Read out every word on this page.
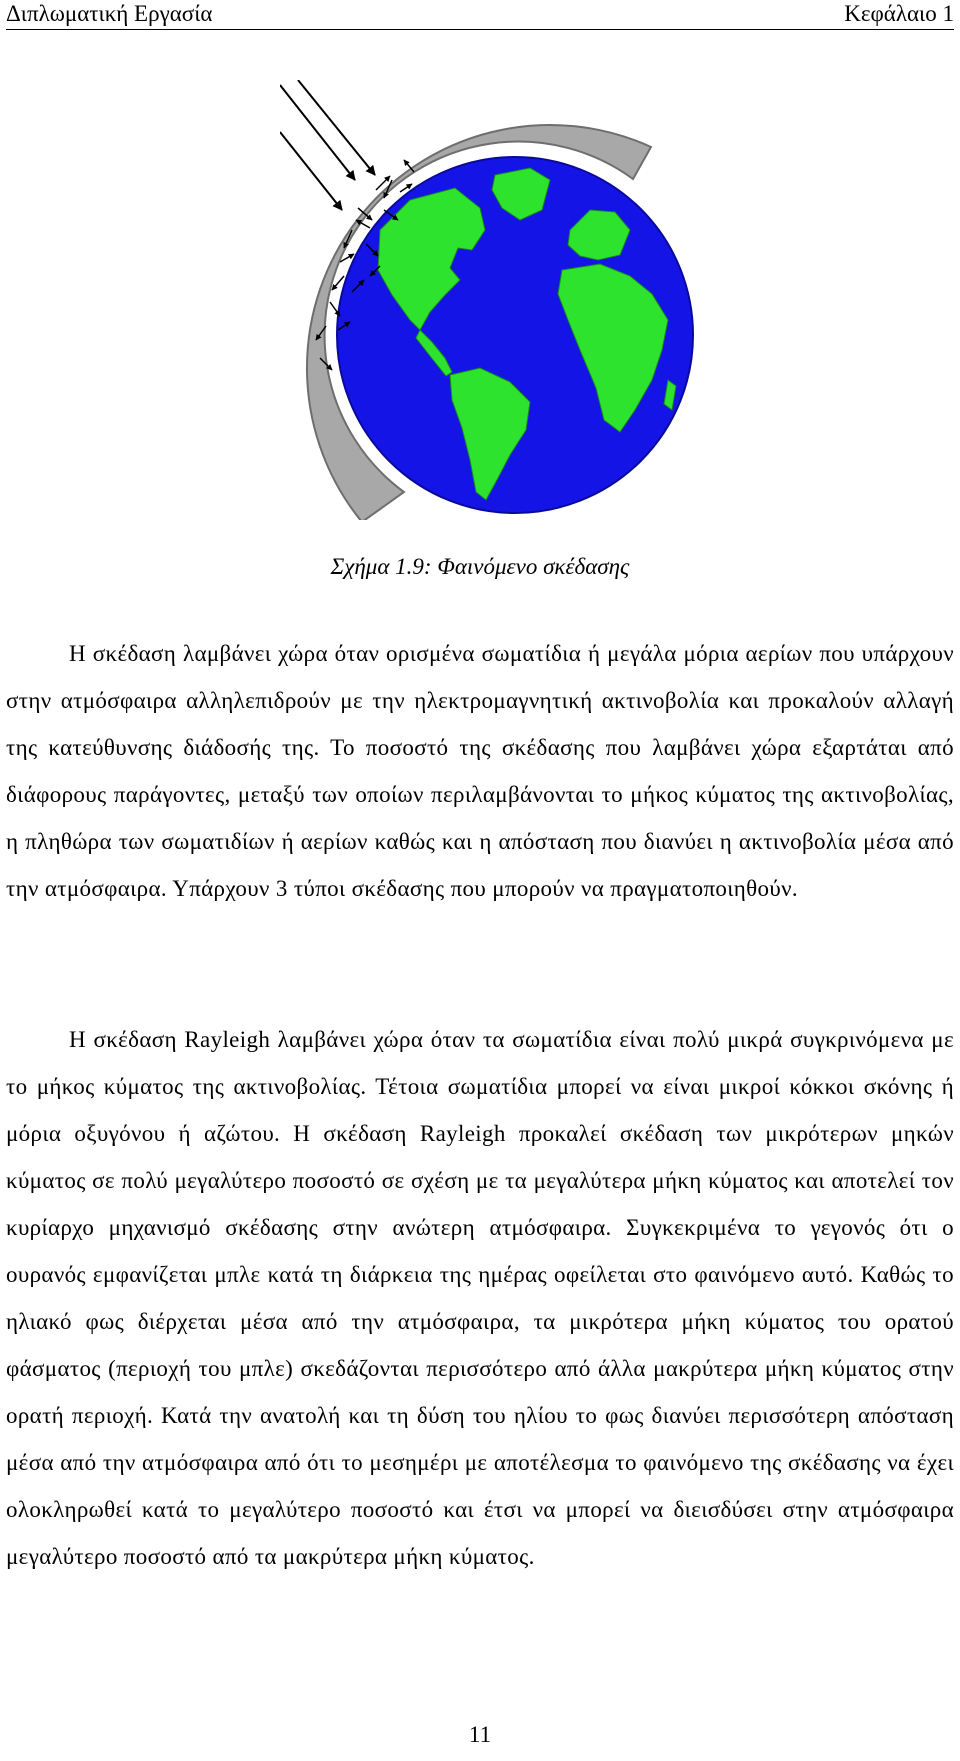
Διπλωματική Εργασία	Κεφάλαιο 1
Σχήμα 1.9: Φαινόμενο σκέδασης

Η σκέδαση λαμβάνει χώρα όταν ορισμένα σωματίδια ή μεγάλα μόρια αερίων που υπάρχουν στην ατμόσφαιρα αλληλεπιδρούν με την ηλεκτρομαγνητική ακτινοβολία και προκαλούν αλλαγή της κατεύθυνσης διάδοσής της. Το ποσοστό της σκέδασης που λαμβάνει χώρα εξαρτάται από διάφορους παράγοντες, μεταξύ των οποίων περιλαμβάνονται το μήκος κύματος της ακτινοβολίας, η πληθώρα των σωματιδίων ή αερίων καθώς και η απόσταση που διανύει η ακτινοβολία μέσα από την ατμόσφαιρα. Υπάρχουν 3 τύποι σκέδασης που μπορούν να πραγματοποιηθούν.

Η σκέδαση Rayleigh λαμβάνει χώρα όταν τα σωματίδια είναι πολύ μικρά συγκρινόμενα με το μήκος κύματος της ακτινοβολίας. Τέτοια σωματίδια μπορεί να είναι μικροί κόκκοι σκόνης ή μόρια οξυγόνου ή αζώτου. Η σκέδαση Rayleigh προκαλεί σκέδαση των μικρότερων μηκών κύματος σε πολύ μεγαλύτερο ποσοστό σε σχέση με τα μεγαλύτερα μήκη κύματος και αποτελεί τον κυρίαρχο μηχανισμό σκέδασης στην ανώτερη ατμόσφαιρα. Συγκεκριμένα το γεγονός ότι ο ουρανός εμφανίζεται μπλε κατά τη διάρκεια της ημέρας οφείλεται στο φαινόμενο αυτό. Καθώς το ηλιακό φως διέρχεται μέσα από την ατμόσφαιρα, τα μικρότερα μήκη κύματος του ορατού φάσματος (περιοχή του μπλε) σκεδάζονται περισσότερο από άλλα μακρύτερα μήκη κύματος στην ορατή περιοχή. Κατά την ανατολή και τη δύση του ηλίου το φως διανύει περισσότερη απόσταση μέσα από την ατμόσφαιρα από ότι το μεσημέρι με αποτέλεσμα το φαινόμενο της σκέδασης να έχει ολοκληρωθεί κατά το μεγαλύτερο ποσοστό και έτσι να μπορεί να διεισδύσει στην ατμόσφαιρα μεγαλύτερο ποσοστό από τα μακρύτερα μήκη κύματος.

11
